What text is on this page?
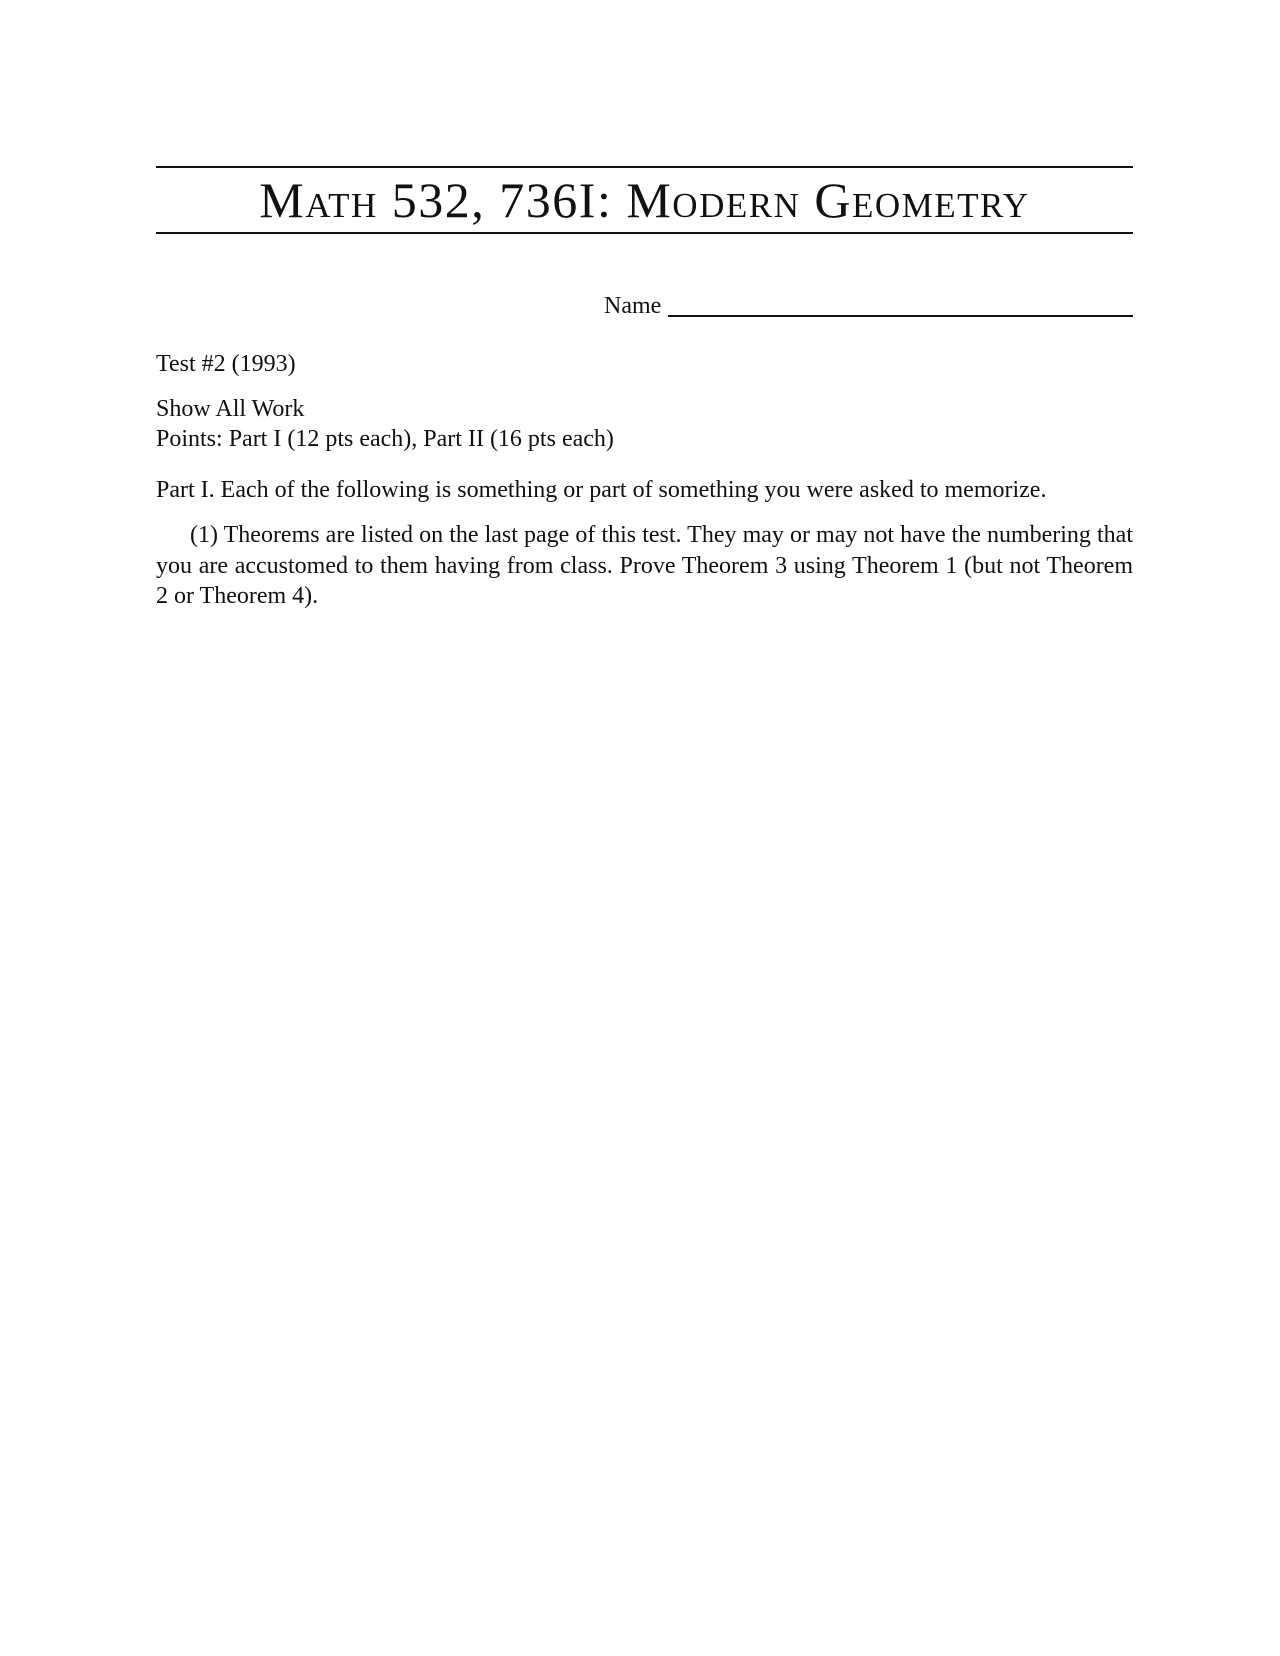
Math 532, 736I: Modern Geometry
Name
Test #2 (1993)
Show All Work
Points: Part I (12 pts each), Part II (16 pts each)
Part I. Each of the following is something or part of something you were asked to memorize.

(1) Theorems are listed on the last page of this test. They may or may not have the numbering that you are accustomed to them having from class. Prove Theorem 3 using Theorem 1 (but not Theorem 2 or Theorem 4).
